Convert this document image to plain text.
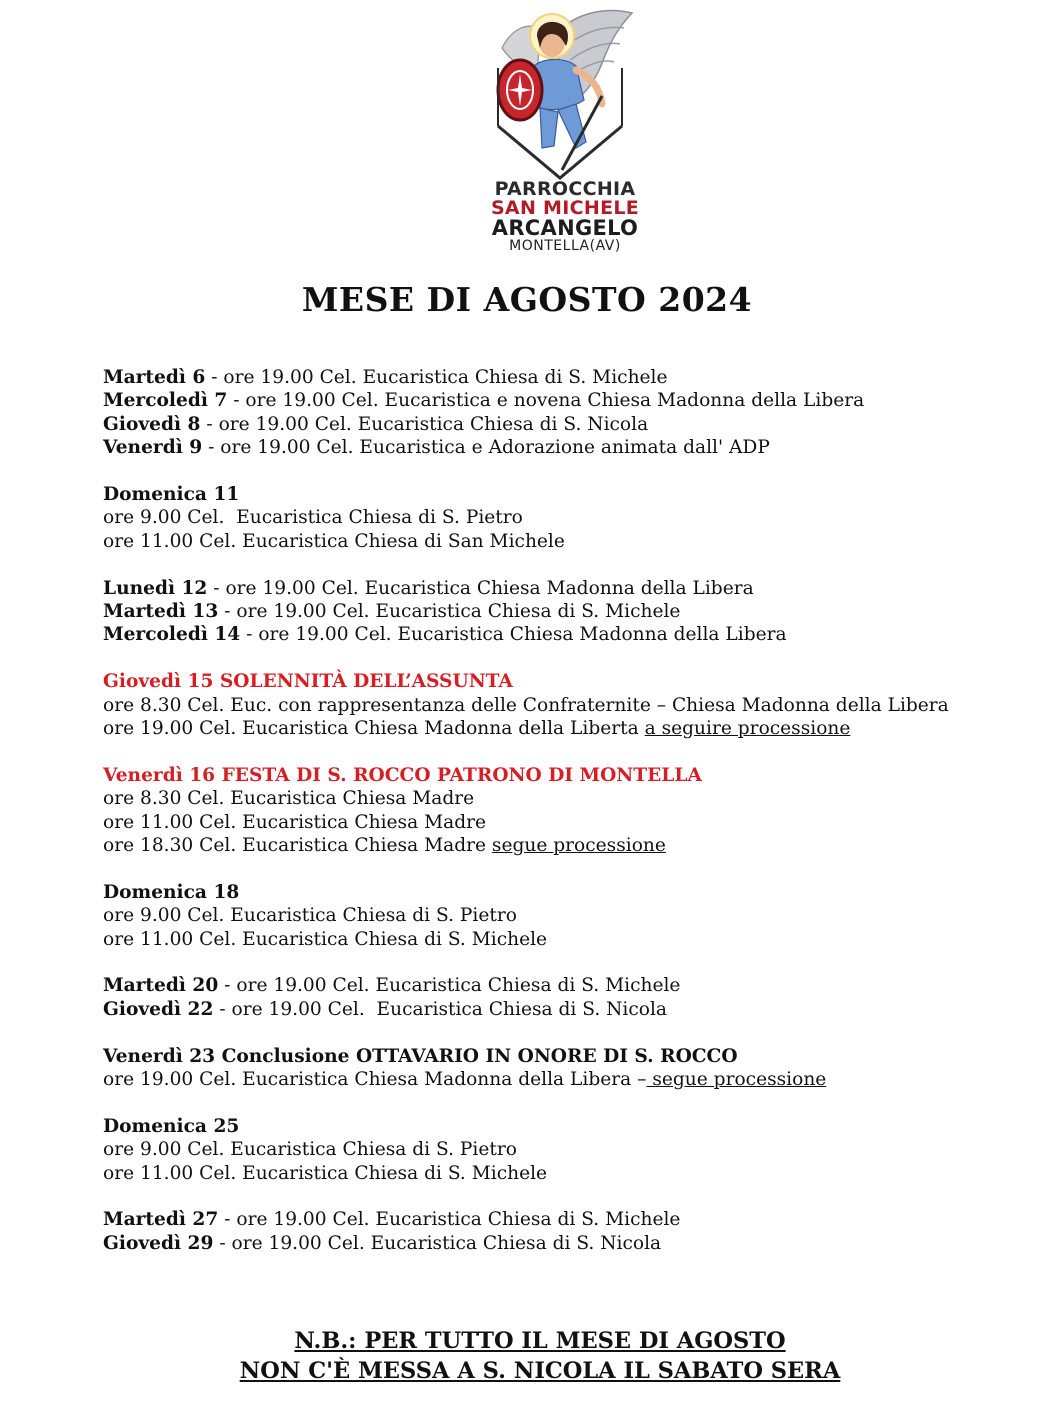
PARROCCHIA
SAN MICHELE
ARCANGELO
MONTELLA(AV)
MESE DI AGOSTO 2024
Martedì 6 - ore 19.00 Cel. Eucaristica Chiesa di S. Michele
Mercoledì 7 - ore 19.00 Cel. Eucaristica e novena Chiesa Madonna della Libera
Giovedì 8 - ore 19.00 Cel. Eucaristica Chiesa di S. Nicola
Venerdì 9 - ore 19.00 Cel. Eucaristica e Adorazione animata dall' ADP
Domenica 11
ore 9.00 Cel.  Eucaristica Chiesa di S. Pietro
ore 11.00 Cel. Eucaristica Chiesa di San Michele
Lunedì 12 - ore 19.00 Cel. Eucaristica Chiesa Madonna della Libera
Martedì 13 - ore 19.00 Cel. Eucaristica Chiesa di S. Michele
Mercoledì 14 - ore 19.00 Cel. Eucaristica Chiesa Madonna della Libera
Giovedì 15 SOLENNITÀ DELL’ASSUNTA
ore 8.30 Cel. Euc. con rappresentanza delle Confraternite – Chiesa Madonna della Libera
ore 19.00 Cel. Eucaristica Chiesa Madonna della Liberta a seguire processione
Venerdì 16 FESTA DI S. ROCCO PATRONO DI MONTELLA
ore 8.30 Cel. Eucaristica Chiesa Madre
ore 11.00 Cel. Eucaristica Chiesa Madre
ore 18.30 Cel. Eucaristica Chiesa Madre segue processione
Domenica 18
ore 9.00 Cel. Eucaristica Chiesa di S. Pietro
ore 11.00 Cel. Eucaristica Chiesa di S. Michele
Martedì 20 - ore 19.00 Cel. Eucaristica Chiesa di S. Michele
Giovedì 22 - ore 19.00 Cel.  Eucaristica Chiesa di S. Nicola
Venerdì 23 Conclusione OTTAVARIO IN ONORE DI S. ROCCO
ore 19.00 Cel. Eucaristica Chiesa Madonna della Libera – segue processione
Domenica 25
ore 9.00 Cel. Eucaristica Chiesa di S. Pietro
ore 11.00 Cel. Eucaristica Chiesa di S. Michele
Martedì 27 - ore 19.00 Cel. Eucaristica Chiesa di S. Michele
Giovedì 29 - ore 19.00 Cel. Eucaristica Chiesa di S. Nicola
N.B.: PER TUTTO IL MESE DI AGOSTO
NON C'È MESSA A S. NICOLA IL SABATO SERA
